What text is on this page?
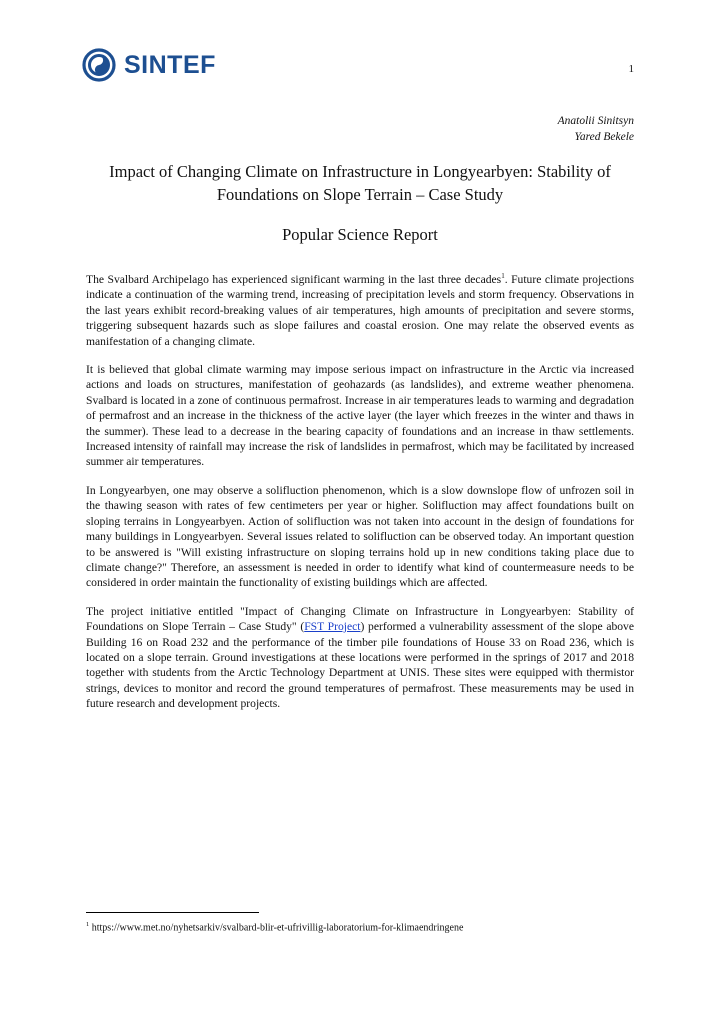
SINTEF	1
Anatolii Sinitsyn
Yared Bekele
Impact of Changing Climate on Infrastructure in Longyearbyen: Stability of Foundations on Slope Terrain – Case Study
Popular Science Report

The Svalbard Archipelago has experienced significant warming in the last three decades$^1$. Future climate projections indicate a continuation of the warming trend, increasing of precipitation levels and storm frequency. Observations in the last years exhibit record-breaking values of air temperatures, high amounts of precipitation and severe storms, triggering subsequent hazards such as slope failures and coastal erosion. One may relate the observed events as manifestation of a changing climate.

It is believed that global climate warming may impose serious impact on infrastructure in the Arctic via increased actions and loads on structures, manifestation of geohazards (as landslides), and extreme weather phenomena. Svalbard is located in a zone of continuous permafrost. Increase in air temperatures leads to warming and degradation of permafrost and an increase in the thickness of the active layer (the layer which freezes in the winter and thaws in the summer). These lead to a decrease in the bearing capacity of foundations and an increase in thaw settlements. Increased intensity of rainfall may increase the risk of landslides in permafrost, which may be facilitated by increased summer air temperatures.

In Longyearbyen, one may observe a solifluction phenomenon, which is a slow downslope flow of unfrozen soil in the thawing season with rates of few centimeters per year or higher. Solifluction may affect foundations built on sloping terrains in Longyearbyen. Action of solifluction was not taken into account in the design of foundations for many buildings in Longyearbyen. Several issues related to solifluction can be observed today. An important question to be answered is "Will existing infrastructure on sloping terrains hold up in new conditions taking place due to climate change?" Therefore, an assessment is needed in order to identify what kind of countermeasure needs to be considered in order maintain the functionality of existing buildings which are affected.

The project initiative entitled "Impact of Changing Climate on Infrastructure in Longyearbyen: Stability of Foundations on Slope Terrain – Case Study" (FST Project) performed a vulnerability assessment of the slope above Building 16 on Road 232 and the performance of the timber pile foundations of House 33 on Road 236, which is located on a slope terrain. Ground investigations at these locations were performed in the springs of 2017 and 2018 together with students from the Arctic Technology Department at UNIS. These sites were equipped with thermistor strings, devices to monitor and record the ground temperatures of permafrost. These measurements may be used in future research and development projects.

$^1$ https://www.met.no/nyhetsarkiv/svalbard-blir-et-ufrivillig-laboratorium-for-klimaendringene
